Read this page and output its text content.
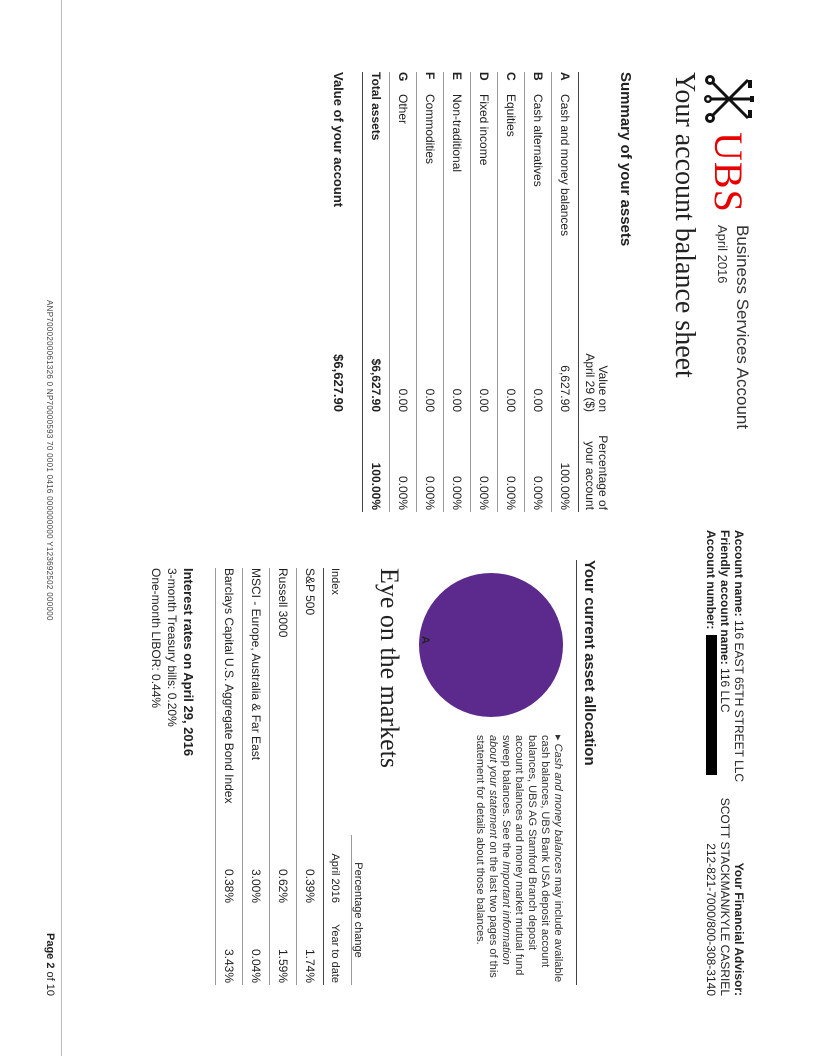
UBS
Business Services Account
April 2016
Account name: 116 EAST 65TH STREET LLC
Friendly account name: 116 LLC
Account number:
Your Financial Advisor:
SCOTT STACKMAN/KYLE CASRIEL
212-821-7000/800-308-3140
Your account balance sheet
Summary of your assets
Value on April 29 ($)
Percentage of your account
A
Cash and money balances
6,627.90
100.00%
B
Cash alternatives
0.00
0.00%
C
Equities
0.00
0.00%
D
Fixed income
0.00
0.00%
E
Non-traditional
0.00
0.00%
F
Commodities
0.00
0.00%
G
Other
0.00
0.00%
Total assets
$6,627.90
100.00%
Value of your account
$6,627.90
Your current asset allocation
A
▸ Cash and money balances may include available cash balances, UBS Bank USA deposit account balances, UBS AG Stamford Branch deposit account balances and money market mutual fund sweep balances. See the Important information about your statement on the last two pages of this statement for details about those balances.
Eye on the markets
Percentage change
Index
April 2016
Year to date
S&P 500
0.39%
1.74%
Russell 3000
0.62%
1.59%
MSCI - Europe, Australia & Far East
3.00%
0.04%
Barclays Capital U.S. Aggregate Bond Index
0.38%
3.43%
Interest rates on April 29, 2016
3-month Treasury bills: 0.20%
One-month LIBOR: 0.44%
ANP7000200061326 0 NP70000593 70 0001 0416 000000000 Y123692502 000000
Page 2 of 10
